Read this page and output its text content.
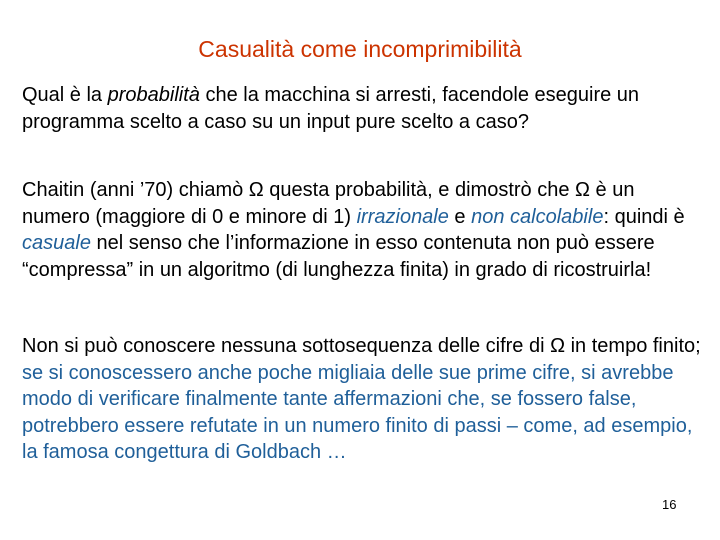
Casualità come incomprimibilità

Qual è la probabilità che la macchina si arresti, facendole eseguire un programma scelto a caso su un input pure scelto a caso?

Chaitin (anni ’70) chiamò Ω questa probabilità, e dimostrò che Ω è un numero (maggiore di 0 e minore di 1) irrazionale e non calcolabile: quindi è casuale nel senso che l’informazione in esso contenuta non può essere “compressa” in un algoritmo (di lunghezza finita) in grado di ricostruirla!

Non si può conoscere nessuna sottosequenza delle cifre di Ω in tempo finito; se si conoscessero anche poche migliaia delle sue prime cifre, si avrebbe modo di verificare finalmente tante affermazioni che, se fossero false, potrebbero essere refutate in un numero finito di passi – come, ad esempio, la famosa congettura di Goldbach …

16
